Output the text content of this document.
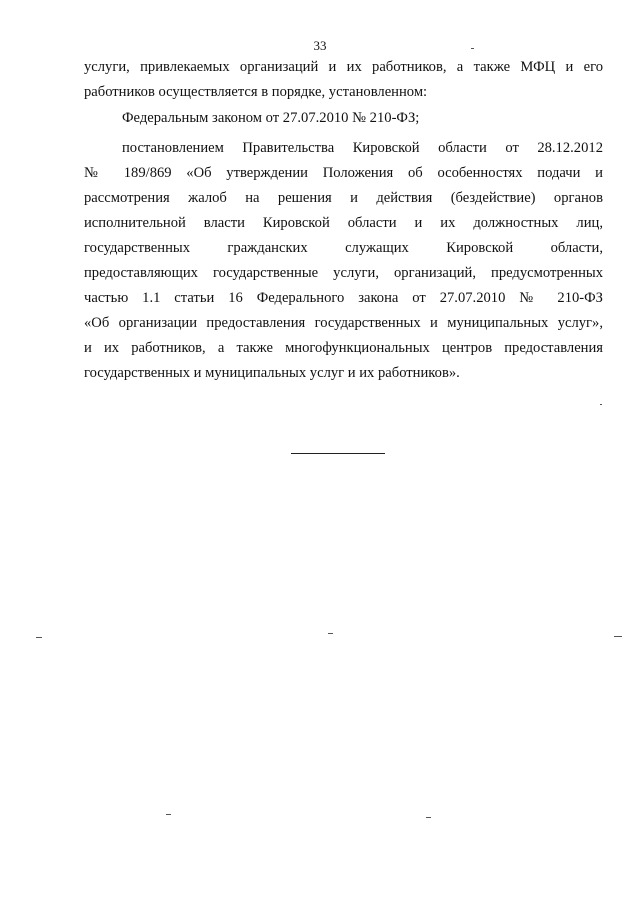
33
услуги, привлекаемых организаций и их работников, а также МФЦ и его
работников осуществляется в порядке, установленном:
Федеральным законом от 27.07.2010 № 210-ФЗ;
постановлением Правительства Кировской области от 28.12.2012
№ 189/869 «Об утверждении Положения об особенностях подачи и
рассмотрения жалоб на решения и действия (бездействие) органов
исполнительной власти Кировской области и их должностных лиц,
государственных гражданских служащих Кировской области,
предоставляющих государственные услуги, организаций, предусмотренных
частью 1.1 статьи 16 Федерального закона от 27.07.2010 № 210-ФЗ
«Об организации предоставления государственных и муниципальных услуг»,
и их работников, а также многофункциональных центров предоставления
государственных и муниципальных услуг и их работников».
